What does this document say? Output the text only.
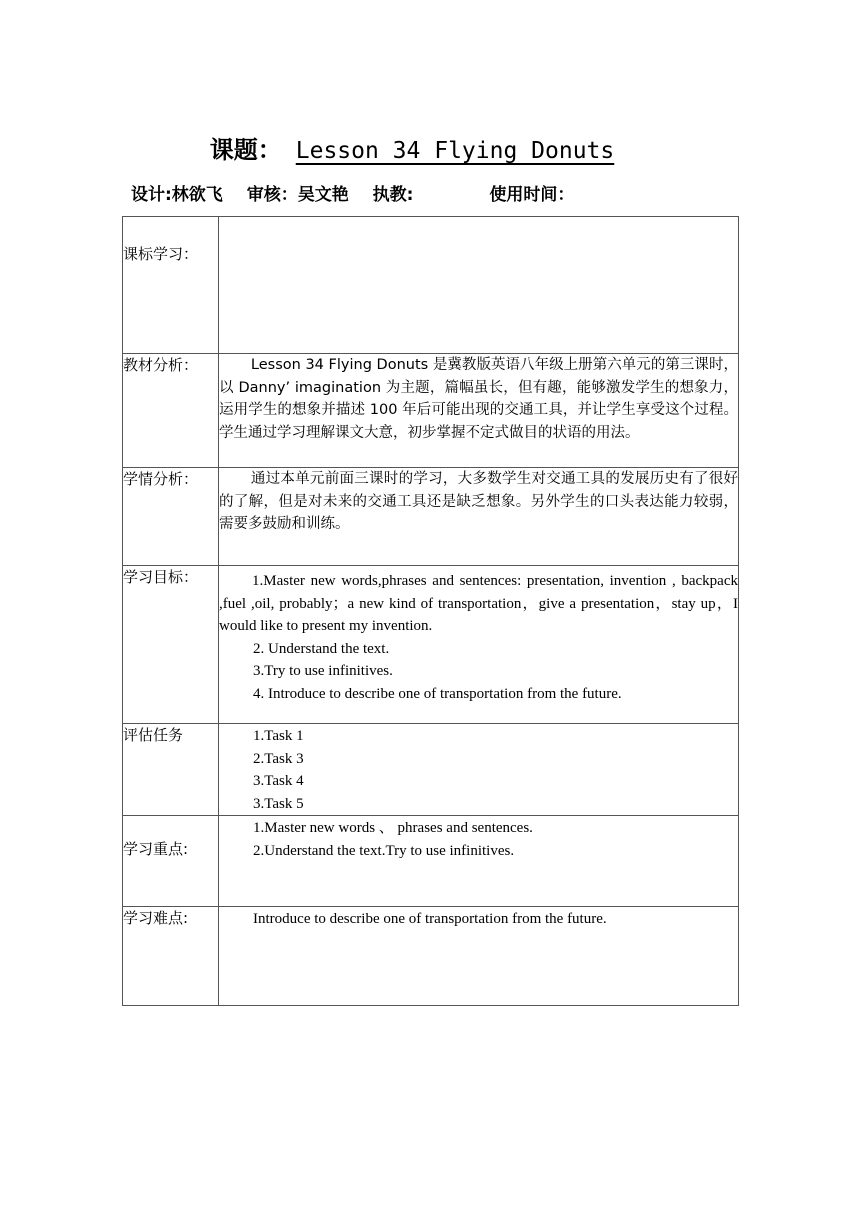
课题： Lesson 34 Flying Donuts
设计:林欲飞 审核：吴文艳 执教:	使用时间：
课标学习：	
教材分析：	Lesson 34 Flying Donuts 是冀教版英语八年级上册第六单元的第三课时，以 Danny’ imagination 为主题，篇幅虽长，但有趣，能够激发学生的想象力，运用学生的想象并描述 100 年后可能出现的交通工具，并让学生享受这个过程。学生通过学习理解课文大意，初步掌握不定式做目的状语的用法。

学情分析：	通过本单元前面三课时的学习，大多数学生对交通工具的发展历史有了很好的了解，但是对未来的交通工具还是缺乏想象。另外学生的口头表达能力较弱，需要多鼓励和训练。

学习目标：	1.Master new words,phrases and sentences: presentation, invention , backpack ,fuel ,oil, probably；a new kind of transportation，give a presentation，stay up，I would like to present my invention.
2. Understand the text.
3.Try to use infinitives.
4. Introduce to describe one of transportation from the future.

评估任务	1.Task 1
2.Task 3
3.Task 4
3.Task 5

学习重点:	1.Master new words 、 phrases and sentences.
2.Understand the text.Try to use infinitives.

学习难点:	Introduce to describe one of transportation from the future.
